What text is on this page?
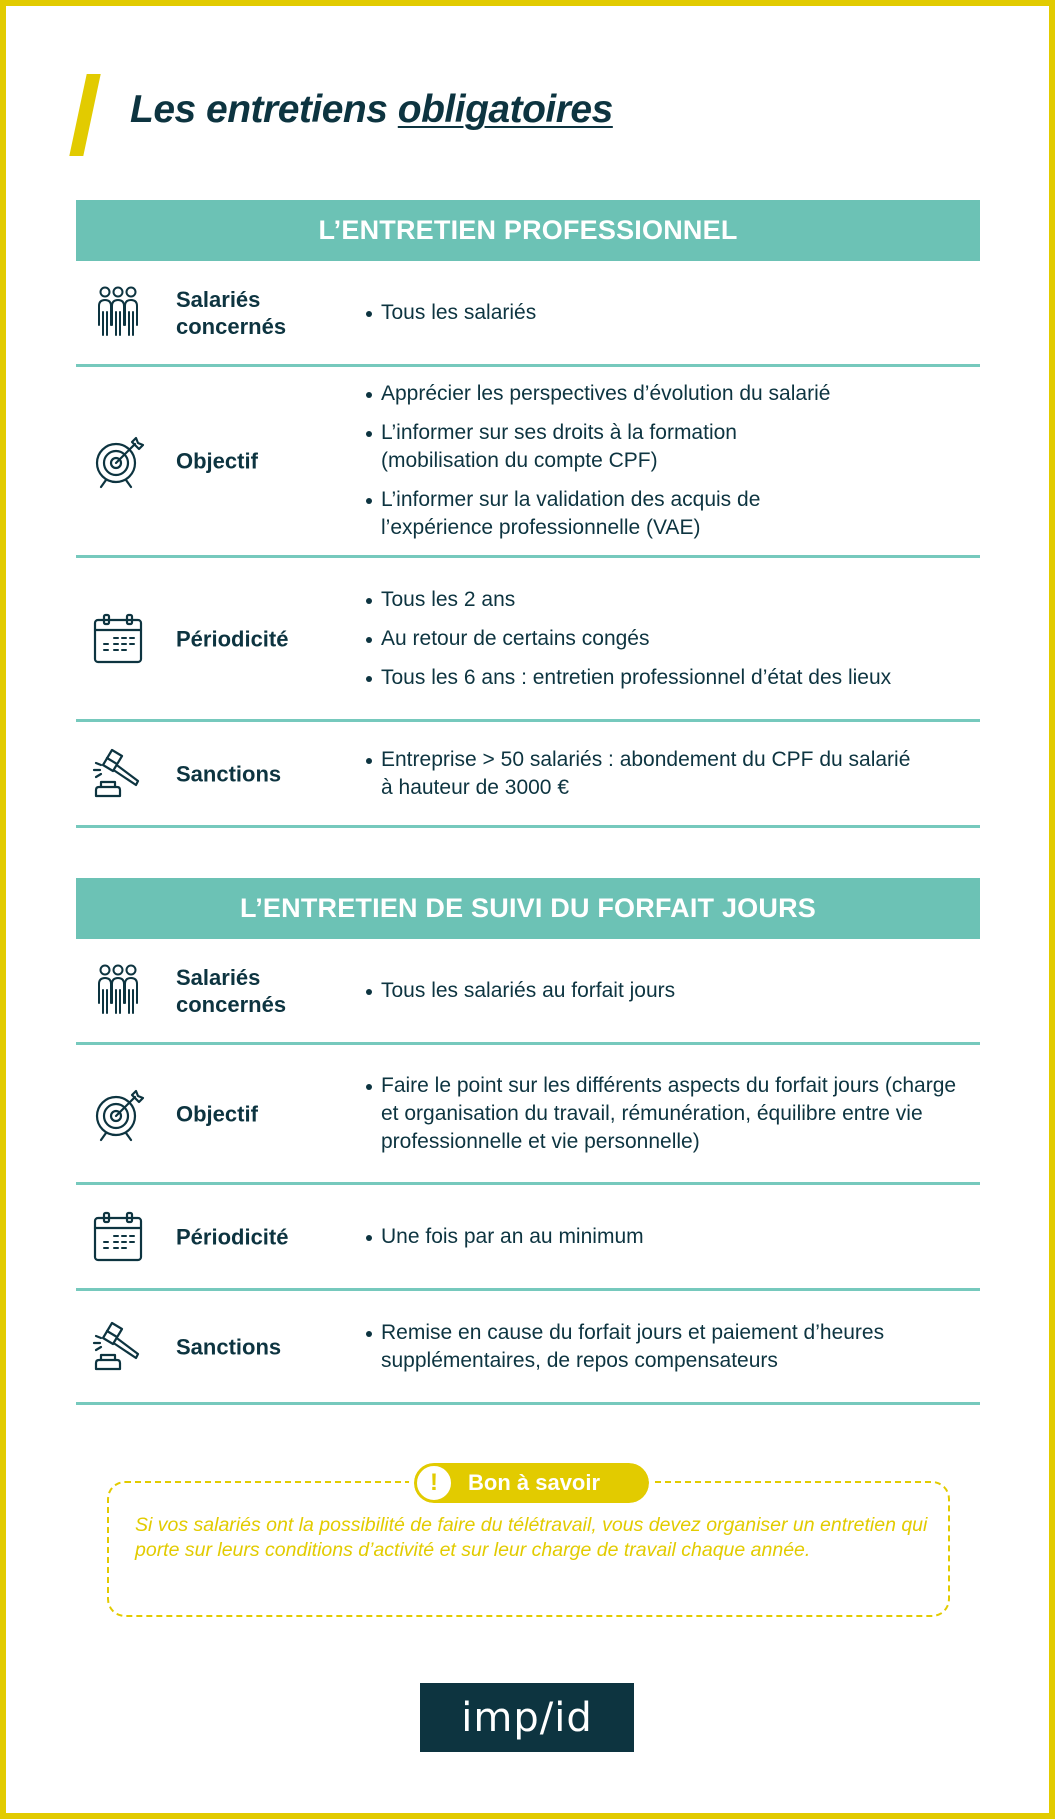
Les entretiens obligatoires
L’ENTRETIEN PROFESSIONNEL
Salariés concernés
Tous les salariés
Objectif
Apprécier les perspectives d’évolution du salarié
L’informer sur ses droits à la formation (mobilisation du compte CPF)
L’informer sur la validation des acquis de l’expérience professionnelle (VAE)
Périodicité
Tous les 2 ans
Au retour de certains congés
Tous les 6 ans : entretien professionnel d’état des lieux
Sanctions
Entreprise > 50 salariés : abondement du CPF du salarié à hauteur de 3000 €
L’ENTRETIEN DE SUIVI DU FORFAIT JOURS
Salariés concernés
Tous les salariés au forfait jours
Objectif
Faire le point sur les différents aspects du forfait jours (charge et organisation du travail, rémunération, équilibre entre vie professionnelle et vie personnelle)
Périodicité	Une fois par an au minimum
Sanctions
Remise en cause du forfait jours et paiement d’heures supplémentaires, de repos compensateurs
!	Bon à savoir

Si vos salariés ont la possibilité de faire du télétravail, vous devez organiser un entretien qui porte sur leurs conditions d’activité et sur leur charge de travail chaque année.

imp/id
